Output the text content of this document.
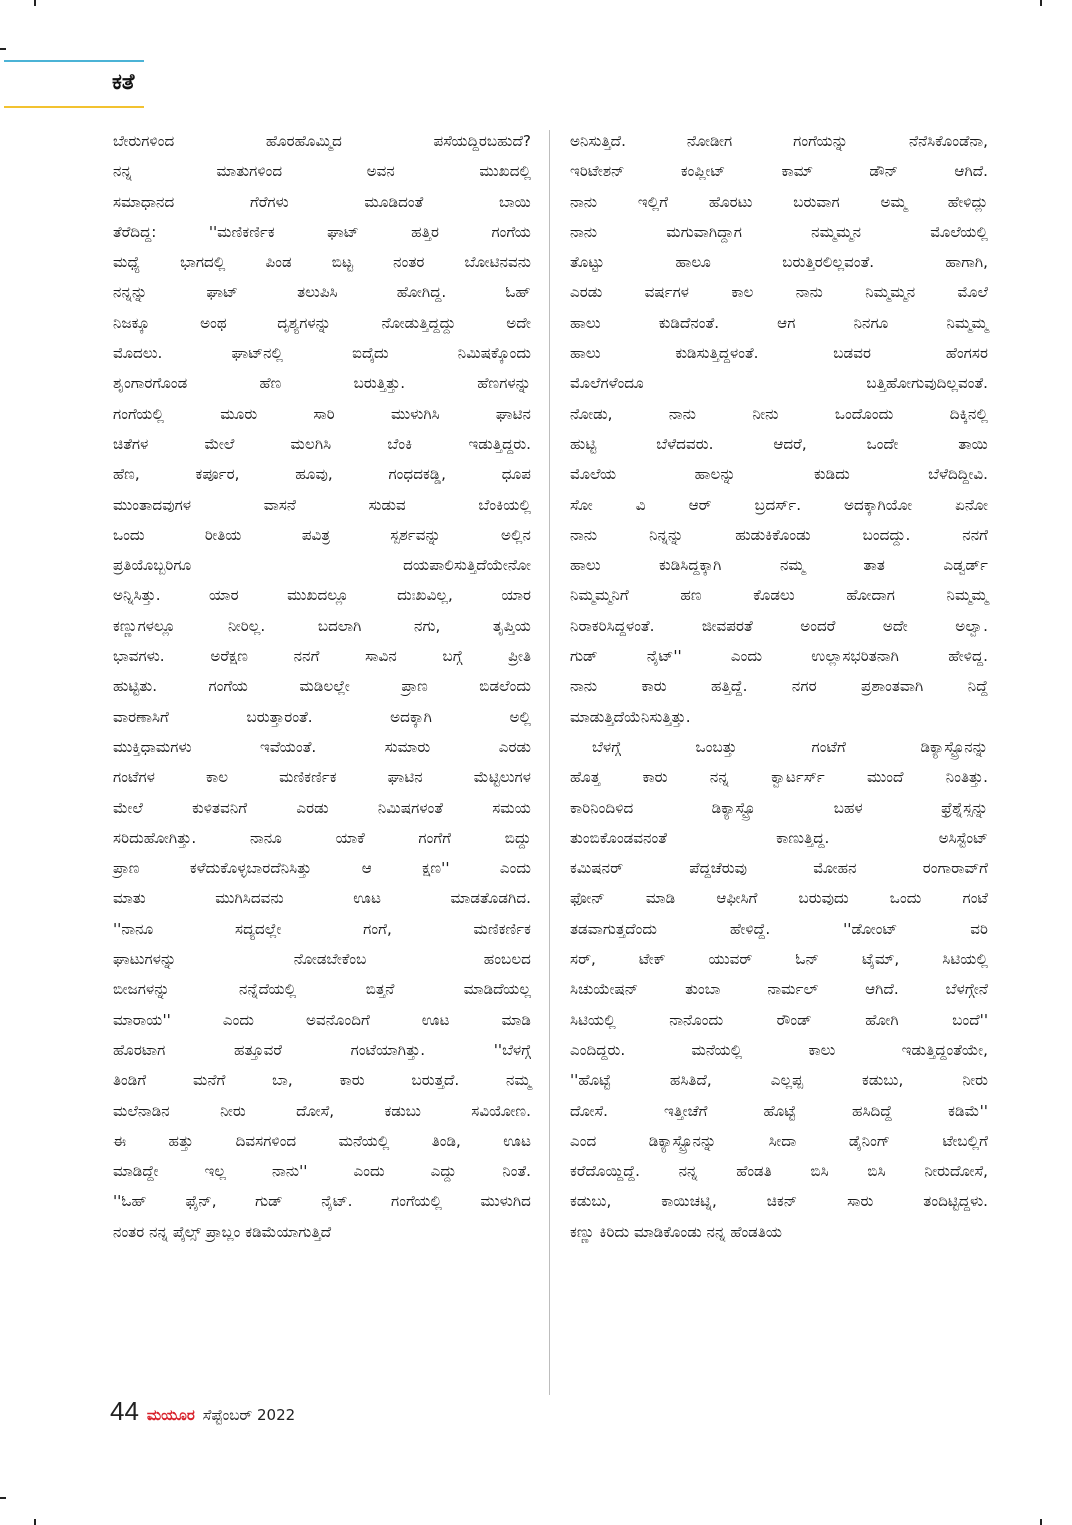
ಕತೆ

ಬೇರುಗಳಿಂದ ಹೊರಹೊಮ್ಮಿದ ಪಸೆಯದ್ದಿರಬಹುದೆ?

ನನ್ನ ಮಾತುಗಳಿಂದ ಅವನ ಮುಖದಲ್ಲಿ

ಸಮಾಧಾನದ ಗೆರೆಗಳು ಮೂಡಿದಂತೆ ಬಾಯಿ

ತೆರೆದಿದ್ದ: ''ಮಣಿಕರ್ಣಿಕ ಘಾಟ್ ಹತ್ತಿರ ಗಂಗೆಯ

ಮಧ್ಯೆ ಭಾಗದಲ್ಲಿ ಪಿಂಡ ಬಿಟ್ಟ ನಂತರ ಬೋಟಿನವನು

ನನ್ನನ್ನು ಘಾಟ್ ತಲುಪಿಸಿ ಹೋಗಿದ್ದ. ಓಹ್

ನಿಜಕ್ಕೂ ಅಂಥ ದೃಶ್ಯಗಳನ್ನು ನೋಡುತ್ತಿದ್ದದ್ದು ಅದೇ

ಮೊದಲು. ಘಾಟ್‌ನಲ್ಲಿ ಐದೈದು ನಿಮಿಷಕ್ಕೊಂದು

ಶೃಂಗಾರಗೊಂಡ ಹೆಣ ಬರುತ್ತಿತ್ತು. ಹೆಣಗಳನ್ನು

ಗಂಗೆಯಲ್ಲಿ ಮೂರು ಸಾರಿ ಮುಳುಗಿಸಿ ಘಾಟಿನ

ಚಿತೆಗಳ ಮೇಲೆ ಮಲಗಿಸಿ ಬೆಂಕಿ ಇಡುತ್ತಿದ್ದರು.

ಹೆಣ, ಕರ್ಪೂರ, ಹೂವು, ಗಂಧದಕಡ್ಡಿ, ಧೂಪ

ಮುಂತಾದವುಗಳ ವಾಸನೆ ಸುಡುವ ಬೆಂಕಿಯಲ್ಲಿ

ಒಂದು ರೀತಿಯ ಪವಿತ್ರ ಸ್ಪರ್ಶವನ್ನು ಅಲ್ಲಿನ

ಪ್ರತಿಯೊಬ್ಬರಿಗೂ ದಯಪಾಲಿಸುತ್ತಿದೆಯೇನೋ

ಅನ್ನಿಸಿತ್ತು. ಯಾರ ಮುಖದಲ್ಲೂ ದುಃಖವಿಲ್ಲ, ಯಾರ

ಕಣ್ಣುಗಳಲ್ಲೂ ನೀರಿಲ್ಲ. ಬದಲಾಗಿ ನಗು, ತೃಪ್ತಿಯ

ಭಾವಗಳು. ಅರೆಕ್ಷಣ ನನಗೆ ಸಾವಿನ ಬಗ್ಗೆ ಪ್ರೀತಿ

ಹುಟ್ಟಿತು. ಗಂಗೆಯ ಮಡಿಲಲ್ಲೇ ಪ್ರಾಣ ಬಿಡಲೆಂದು

ವಾರಣಾಸಿಗೆ ಬರುತ್ತಾರಂತೆ. ಅದಕ್ಕಾಗಿ ಅಲ್ಲಿ

ಮುಕ್ತಿಧಾಮಗಳು ಇವೆಯಂತೆ. ಸುಮಾರು ಎರಡು

ಗಂಟೆಗಳ ಕಾಲ ಮಣಿಕರ್ಣಿಕ ಘಾಟಿನ ಮೆಟ್ಟಿಲುಗಳ

ಮೇಲೆ ಕುಳಿತವನಿಗೆ ಎರಡು ನಿಮಿಷಗಳಂತೆ ಸಮಯ

ಸರಿದುಹೋಗಿತ್ತು. ನಾನೂ ಯಾಕೆ ಗಂಗೆಗೆ ಬಿದ್ದು

ಪ್ರಾಣ ಕಳೆದುಕೊಳ್ಳಬಾರದೆನಿಸಿತ್ತು ಆ ಕ್ಷಣ'' ಎಂದು

ಮಾತು ಮುಗಿಸಿದವನು ಊಟ ಮಾಡತೊಡಗಿದ.

''ನಾನೂ ಸದ್ಯದಲ್ಲೇ ಗಂಗೆ, ಮಣಿಕರ್ಣಿಕ

ಘಾಟುಗಳನ್ನು ನೋಡಬೇಕೆಂಬ ಹಂಬಲದ

ಬೀಜಗಳನ್ನು ನನ್ನೆದೆಯಲ್ಲಿ ಬಿತ್ತನೆ ಮಾಡಿದೆಯಲ್ಲ

ಮಾರಾಯ'' ಎಂದು ಅವನೊಂದಿಗೆ ಊಟ ಮಾಡಿ

ಹೊರಟಾಗ ಹತ್ತೂವರೆ ಗಂಟೆಯಾಗಿತ್ತು. ''ಬೆಳಗ್ಗೆ

ತಿಂಡಿಗೆ ಮನೆಗೆ ಬಾ, ಕಾರು ಬರುತ್ತದೆ. ನಮ್ಮ

ಮಲೆನಾಡಿನ ನೀರು ದೋಸೆ, ಕಡುಬು ಸವಿಯೋಣ.

ಈ ಹತ್ತು ದಿವಸಗಳಿಂದ ಮನೆಯಲ್ಲಿ ತಿಂಡಿ, ಊಟ

ಮಾಡಿದ್ದೇ ಇಲ್ಲ ನಾನು'' ಎಂದು ಎದ್ದು ನಿಂತೆ.

''ಓಹ್ ಫೈನ್, ಗುಡ್ ನೈಟ್. ಗಂಗೆಯಲ್ಲಿ ಮುಳುಗಿದ

ನಂತರ ನನ್ನ ಪೈಲ್ಸ್ ಪ್ರಾಬ್ಲಂ ಕಡಿಮೆಯಾಗುತ್ತಿದೆ

ಅನಿಸುತ್ತಿದೆ. ನೋಡೀಗ ಗಂಗೆಯನ್ನು ನೆನೆಸಿಕೊಂಡೆನಾ,

ಇರಿಟೇಶನ್ ಕಂಪ್ಲೀಟ್ ಕಾಮ್ ಡೌನ್ ಆಗಿದೆ.

ನಾನು ಇಲ್ಲಿಗೆ ಹೊರಟು ಬರುವಾಗ ಅಮ್ಮ ಹೇಳಿದ್ಲು

ನಾನು ಮಗುವಾಗಿದ್ದಾಗ ನಮ್ಮಮ್ಮನ ಮೊಲೆಯಲ್ಲಿ

ತೊಟ್ಟು ಹಾಲೂ ಬರುತ್ತಿರಲಿಲ್ಲವಂತೆ. ಹಾಗಾಗಿ,

ಎರಡು ವರ್ಷಗಳ ಕಾಲ ನಾನು ನಿಮ್ಮಮ್ಮನ ಮೊಲೆ

ಹಾಲು ಕುಡಿದೆನಂತೆ. ಆಗ ನಿನಗೂ ನಿಮ್ಮಮ್ಮ

ಹಾಲು ಕುಡಿಸುತ್ತಿದ್ದಳಂತೆ. ಬಡವರ ಹೆಂಗಸರ

ಮೊಲೆಗಳೆಂದೂ ಬತ್ತಿಹೋಗುವುದಿಲ್ಲವಂತೆ.

ನೋಡು, ನಾನು ನೀನು ಒಂದೊಂದು ದಿಕ್ಕಿನಲ್ಲಿ

ಹುಟ್ಟಿ ಬೆಳೆದವರು. ಆದರೆ, ಒಂದೇ ತಾಯಿ

ಮೊಲೆಯ ಹಾಲನ್ನು ಕುಡಿದು ಬೆಳೆದಿದ್ದೀವಿ.

ಸೋ ವಿ ಆರ್ ಬ್ರದರ್ಸ್. ಅದಕ್ಕಾಗಿಯೋ ಏನೋ

ನಾನು ನಿನ್ನನ್ನು ಹುಡುಕಿಕೊಂಡು ಬಂದದ್ದು. ನನಗೆ

ಹಾಲು ಕುಡಿಸಿದ್ದಕ್ಕಾಗಿ ನಮ್ಮ ತಾತ ಎಡ್ವರ್ಡ್

ನಿಮ್ಮಮ್ಮನಿಗೆ ಹಣ ಕೊಡಲು ಹೋದಾಗ ನಿಮ್ಮಮ್ಮ

ನಿರಾಕರಿಸಿದ್ದಳಂತೆ. ಜೀವಪರತೆ ಅಂದರೆ ಅದೇ ಅಲ್ವಾ.

ಗುಡ್ ನೈಟ್'' ಎಂದು ಉಲ್ಲಾಸಭರಿತನಾಗಿ ಹೇಳಿದ್ದ.

ನಾನು ಕಾರು ಹತ್ತಿದ್ದೆ. ನಗರ ಪ್ರಶಾಂತವಾಗಿ ನಿದ್ದೆ

ಮಾಡುತ್ತಿದೆಯೆನಿಸುತ್ತಿತ್ತು.

ಬೆಳಗ್ಗೆ ಒಂಬತ್ತು ಗಂಟೆಗೆ ಡಿಕ್ಯಾಸ್ಟ್ರೊನನ್ನು

ಹೊತ್ತ ಕಾರು ನನ್ನ ಕ್ವಾರ್ಟರ್ಸ್ ಮುಂದೆ ನಿಂತಿತ್ತು.

ಕಾರಿನಿಂದಿಳಿದ ಡಿಕ್ಯಾಸ್ಟ್ರೊ ಬಹಳ ಫ್ರೆಶ್ನೆಸ್ಸನ್ನು

ತುಂಬಿಕೊಂಡವನಂತೆ ಕಾಣುತ್ತಿದ್ದ. ಅಸಿಸ್ಟೆಂಟ್

ಕಮಿಷನರ್ ಪೆದ್ದಚೆರುವು ಮೋಹನ ರಂಗಾರಾವ್‌ಗೆ

ಫೋನ್ ಮಾಡಿ ಆಫೀಸಿಗೆ ಬರುವುದು ಒಂದು ಗಂಟೆ

ತಡವಾಗುತ್ತದೆಂದು ಹೇಳಿದ್ದೆ. ''ಡೋಂಟ್ ವರಿ

ಸರ್, ಟೇಕ್ ಯುವರ್ ಓನ್ ಟೈಮ್, ಸಿಟಿಯಲ್ಲಿ

ಸಿಚುಯೇಷನ್ ತುಂಬಾ ನಾರ್ಮಲ್ ಆಗಿದೆ. ಬೆಳಗ್ಗೇನೆ

ಸಿಟಿಯಲ್ಲಿ ನಾನೊಂದು ರೌಂಡ್ ಹೋಗಿ ಬಂದೆ''

ಎಂದಿದ್ದರು. ಮನೆಯಲ್ಲಿ ಕಾಲು ಇಡುತ್ತಿದ್ದಂತೆಯೇ,

''ಹೊಟ್ಟೆ ಹಸಿತಿದೆ, ಎಲ್ಲಪ್ಪ ಕಡುಬು, ನೀರು

ದೋಸೆ. ಇತ್ತೀಚೆಗೆ ಹೊಟ್ಟೆ ಹಸಿದಿದ್ದೆ ಕಡಿಮೆ''

ಎಂದ ಡಿಕ್ಯಾಸ್ಟ್ರೊನನ್ನು ಸೀದಾ ಡೈನಿಂಗ್ ಟೇಬಲ್ಲಿಗೆ

ಕರೆದೊಯ್ದಿದ್ದೆ. ನನ್ನ ಹೆಂಡತಿ ಬಿಸಿ ಬಿಸಿ ನೀರುದೋಸೆ,

ಕಡುಬು, ಕಾಯಿಚಟ್ನಿ, ಚಿಕನ್ ಸಾರು ತಂದಿಟ್ಟಿದ್ದಳು.

ಕಣ್ಣು ಕಿರಿದು ಮಾಡಿಕೊಂಡು ನನ್ನ ಹೆಂಡತಿಯ

44 ಮಯೂರ ಸೆಪ್ಟೆಂಬರ್ 2022
